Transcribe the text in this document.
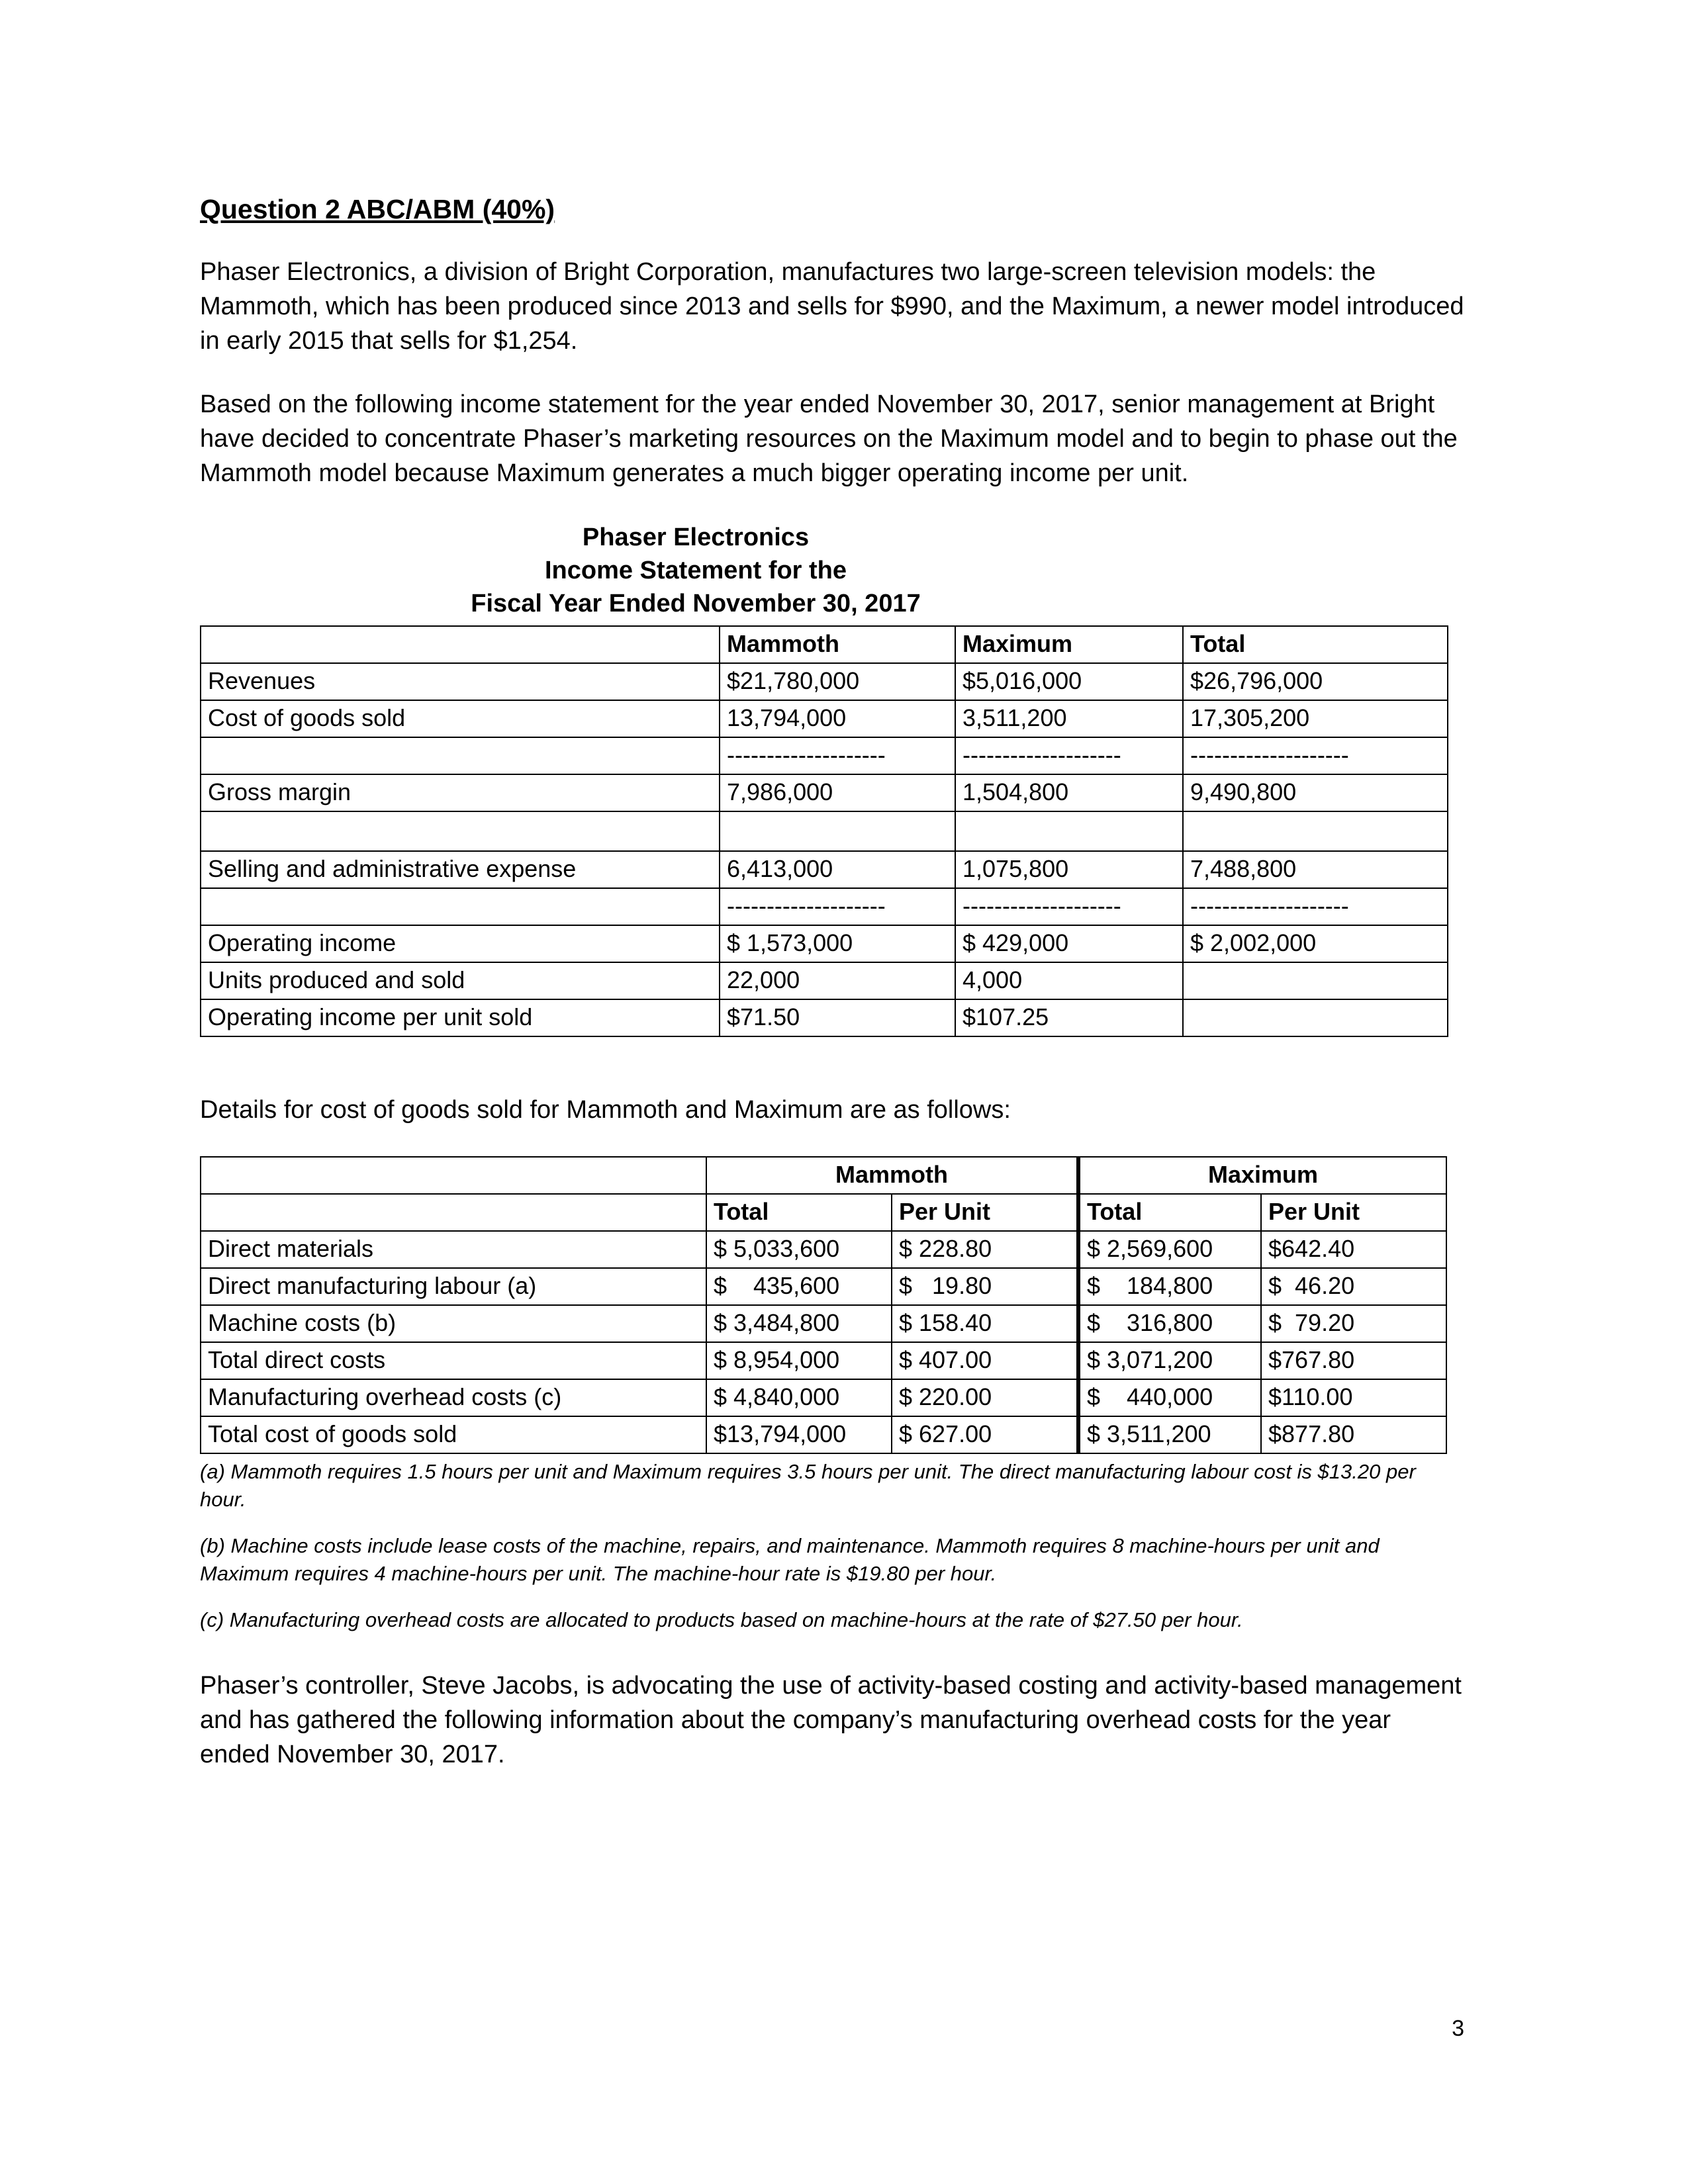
Question 2 ABC/ABM (40%)
Phaser Electronics, a division of Bright Corporation, manufactures two large-screen television models: the Mammoth, which has been produced since 2013 and sells for $990, and the Maximum, a newer model introduced in early 2015 that sells for $1,254.
Based on the following income statement for the year ended November 30, 2017, senior management at Bright have decided to concentrate Phaser’s marketing resources on the Maximum model and to begin to phase out the Mammoth model because Maximum generates a much bigger operating income per unit.
Phaser Electronics
Income Statement for the
Fiscal Year Ended November 30, 2017
	Mammoth	Maximum	Total
Revenues	$21,780,000	$5,016,000	$26,796,000
Cost of goods sold	13,794,000	3,511,200	17,305,200
	--------------------	--------------------	--------------------
Gross margin	7,986,000	1,504,800	9,490,800

Selling and administrative expense	6,413,000	1,075,800	7,488,800
	--------------------	--------------------	--------------------
Operating income	$ 1,573,000	$ 429,000	$ 2,002,000
Units produced and sold	22,000	4,000	
Operating income per unit sold	$71.50	$107.25	
Details for cost of goods sold for Mammoth and Maximum are as follows:
	Mammoth		Maximum	
	Total	Per Unit	Total	Per Unit
Direct materials	$ 5,033,600	$ 228.80	$ 2,569,600	$642.40
Direct manufacturing labour (a)	$    435,600	$   19.80	$    184,800	$  46.20
Machine costs (b)	$ 3,484,800	$ 158.40	$    316,800	$  79.20
Total direct costs	$ 8,954,000	$ 407.00	$ 3,071,200	$767.80
Manufacturing overhead costs (c)	$ 4,840,000	$ 220.00	$    440,000	$110.00
Total cost of goods sold	$13,794,000	$ 627.00	$ 3,511,200	$877.80
(a) Mammoth requires 1.5 hours per unit and Maximum requires 3.5 hours per unit. The direct manufacturing labour cost is $13.20 per hour.
(b) Machine costs include lease costs of the machine, repairs, and maintenance. Mammoth requires 8 machine-hours per unit and Maximum requires 4 machine-hours per unit. The machine-hour rate is $19.80 per hour.
(c) Manufacturing overhead costs are allocated to products based on machine-hours at the rate of $27.50 per hour.
Phaser’s controller, Steve Jacobs, is advocating the use of activity-based costing and activity-based management and has gathered the following information about the company’s manufacturing overhead costs for the year ended November 30, 2017.
3
